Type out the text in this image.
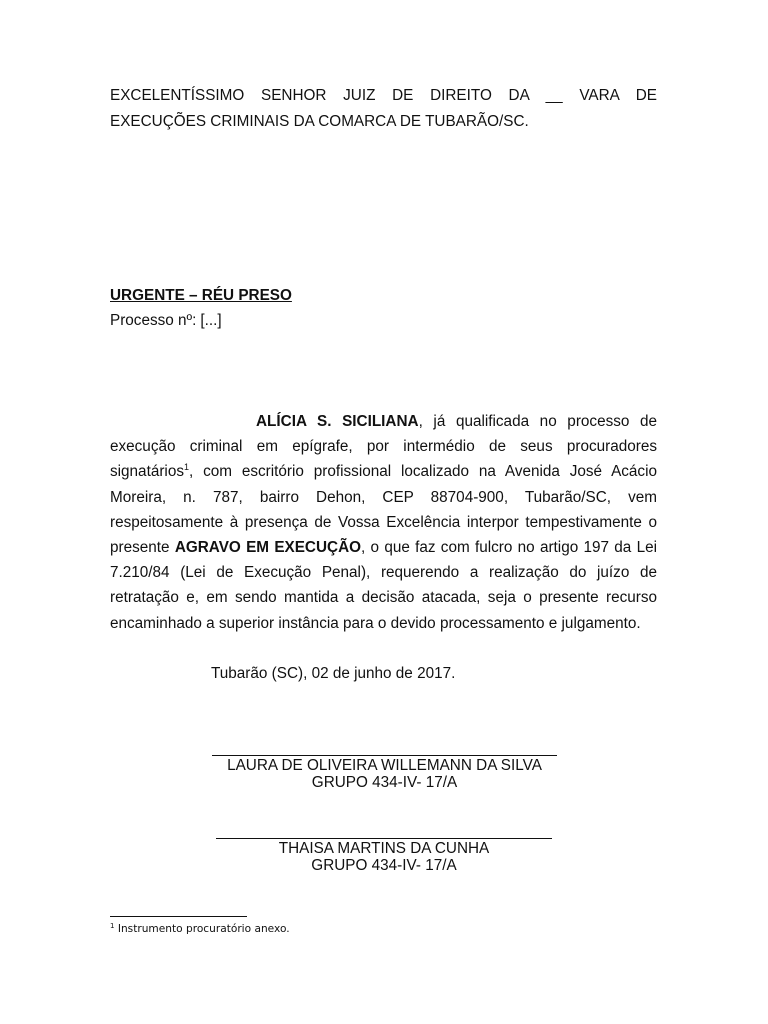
EXCELENTÍSSIMO SENHOR JUIZ DE DIREITO DA __ VARA DE
EXECUÇÕES CRIMINAIS DA COMARCA DE TUBARÃO/SC.
URGENTE – RÉU PRESO
Processo nº: [...]
ALÍCIA S. SICILIANA, já qualificada no processo de execução criminal em epígrafe, por intermédio de seus procuradores signatários$^1$, com escritório profissional localizado na Avenida José Acácio Moreira, n. 787, bairro Dehon, CEP 88704-900, Tubarão/SC, vem respeitosamente à presença de Vossa Excelência interpor tempestivamente o presente AGRAVO EM EXECUÇÃO, o que faz com fulcro no artigo 197 da Lei 7.210/84 (Lei de Execução Penal), requerendo a realização do juízo de retratação e, em sendo mantida a decisão atacada, seja o presente recurso encaminhado a superior instância para o devido processamento e julgamento.
Tubarão (SC), 02 de junho de 2017.
LAURA DE OLIVEIRA WILLEMANN DA SILVA
GRUPO 434-IV- 17/A
THAISA MARTINS DA CUNHA
GRUPO 434-IV- 17/A
$^1$ Instrumento procuratório anexo.
